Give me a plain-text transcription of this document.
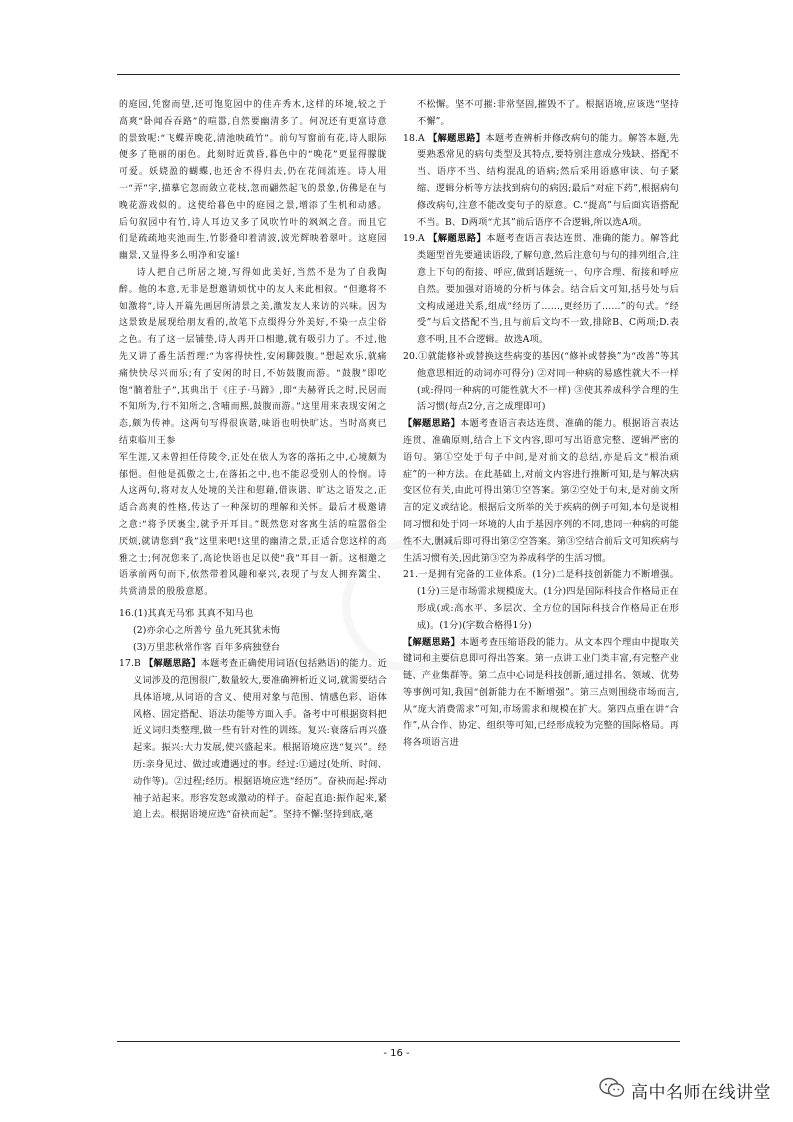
的庭园,凭窗而望,还可饱览园中的佳卉秀木,这样的环境,较之于高爽“卧闻吞吞路”的喧嚣,自然要幽清多了。何况还有更富诗意的景致呢:“飞蝶弄晚花,清池映疏竹”。前句写窗前有花,诗人眼际便多了艳丽的丽色。此刻时近黄昏,暮色中的“晚花”更显得朦胧可爱。妖娆盈的蝴蝶,也还舍不得归去,仍在花间流连。诗人用一“弄”字,描摹它忽而敛立花枝,忽而翩然起飞的景象,仿佛是在与晚花游戏似的。这使给暮色中的庭园之景,增添了生机和动感。后句叙园中有竹,诗人耳边又多了风吹竹叶的飒飒之音。而且它们是疏疏地夹池而生,竹影叠印着清波,波光辉映着翠叶。这庭园幽景,又显得多么明净和安谧!

诗人把自己所居之境,写得如此美好,当然不是为了自我陶醉。他的本意,无非是想邀请烦忧中的友人来此相叙。“但邀将不如激将”,诗人开篇先画居所清景之美,激发友人来访的兴味。因为这景致是展现给朋友看的,故笔下点缀得分外美好,不染一点尘俗之色。有了这一层铺垫,诗人再开口相邀,就有吸引力了。不过,他先又讲了番生活哲理:“为客得快性,安闲聊鼓腹。”想起欢乐,就痛痛快快尽兴而乐;有了安闲的时日,不妨鼓腹而游。“鼓腹”即吃饱“腩着肚子”,其典出于《庄子·马蹄》,即“夫赫胥氏之时,民居而不知所为,行不知所之,含哺而熙,鼓腹而游。”这里用来表现安闲之态,颇为传神。这两句写得很诙谐,味语也明快旷达。当时高爽已结束临川王参

军生涯,又未曾担任侍陵令,正处在依人为客的落拓之中,心境颇为郁悒。但他是孤傲之士,在落拓之中,也不能忍受别人的怜悯。诗人这两句,将对友人处境的关注和慰藉,借诙谐、旷达之语发之,正适合高爽的性格,传达了一种深切的理解和关怀。最后才极邀请之意:“将予厌裏尘,就予开耳目。”既然您对客寓生活的喧嚣俗尘厌烦,就请您到“我”这里来吧!这里的幽清之景,正适合您这样的高雅之士;何况您来了,高论快语也足以使“我”耳目一新。这相邀之语承前两句而下,依然带着风趣和豪兴,表现了与友人拥弃篱尘、共赏清景的殷殷意愿。

16.(1)其真无马邪 其真不知马也

(2)亦余心之所善兮 虽九死其犹未悔

(3)万里悲秋常作客 百年多病独登台

17.B 【解题思路】本题考查正确使用词语(包括熟语)的能力。近义词涉及的范围很广,数量较大,要准确辨析近义词,就需要结合具体语境,从词语的含义、使用对象与范围、情感色彩、语体风格、固定搭配、语法功能等方面入手。备考中可根据资料把近义词归类整理,做一些有针对性的训练。复兴:衰落后再兴盛起来。振兴:大力发展,使兴盛起来。根据语境应选“复兴”。经历:亲身见过、做过或遭遇过的事。经过:①通过(处所、时间、动作等)。②过程;经历。根据语境应选“经历”。奋袂而起:挥动袖子站起来。形容发怒或激动的样子。奋起直追:振作起来,紧追上去。根据语境应选“奋袂而起”。坚持不懈:坚持到底,毫

不松懈。坚不可摧:非常坚固,摧毁不了。根据语境,应该选“坚持不懈”。

18.A 【解题思路】本题考查辨析并修改病句的能力。解答本题,先要熟悉常见的病句类型及其特点,要特别注意成分残缺、搭配不当、语序不当、结构混乱的语病;然后采用语感审读、句子紧缩、逻辑分析等方法找到病句的病因;最后“对症下药”,根据病句修改病句,注意不能改变句子的原意。C.“提高”与后面宾语搭配不当。B、D两项“尤其”前后语序不合逻辑,所以选A项。

19.A 【解题思路】本题考查语言表达连贯、准确的能力。解答此类题型首先要通读语段,了解句意,然后注意句与句的排列组合,注意上下句的衔接、呼应,做到话题统一、句序合理、衔接和呼应自然。要加强对语境的分析与体会。结合后文可知,括号处与后文构成递进关系,组成“经历了……,更经历了……”的句式。“经受”与后文搭配不当,且与前后文均不一致,排除B、C两项;D.表意不明,且不合逻辑。故选A项。

20.①就能修补或替换这些病变的基因(“修补或替换”为“改善”等其他意思相近的动词亦可得分) ②对同一种病的易感性就大不一样(或:得同一种病的可能性就大不一样) ③使其养成科学合理的生活习惯(每点2分,言之成理即可)

【解题思路】本题考查语言表达连贯、准确的能力。根据语言表达连贯、准确原则,结合上下文内容,即可写出语意完整、逻辑严密的语句。第①空处于句子中间,是对前文的总结,亦是后文“根治顽症”的一种方法。在此基础上,对前文内容进行推断可知,是与解决病变区位有关,由此可得出第①空答案。第②空处于句末,是对前文所言的定义或结论。根据后文所举的关于疾病的例子可知,本句是说相同习惯和处于同一环境的人由于基因序列的不同,患同一种病的可能性不大,删减后即可得出第②空答案。第③空结合前后文可知疾病与生活习惯有关,因此第③空为养成科学的生活习惯。

21.一是拥有完备的工业体系。(1分)二是科技创新能力不断增强。(1分)三是市场需求规模庞大。(1分)四是国际科技合作格局正在形成(或:高水平、多层次、全方位的国际科技合作格局正在形成)。(1分)(字数合格得1分)

【解题思路】本题考查压缩语段的能力。从文本四个理由中提取关键词和主要信息即可得出答案。第一点讲工业门类丰富,有完整产业链、产业集群等。第二点中心词是科技创新,通过排名、领域、优势等事例可知,我国“创新能力在不断增强”。第三点则围绕市场而言,从“庞大消费需求”可知,市场需求和规模在扩大。第四点重在讲“合作”,从合作、协定、组织等可知,已经形成较为完整的国际格局。再将各项语言进

- 16 -
高中名师在线讲堂
